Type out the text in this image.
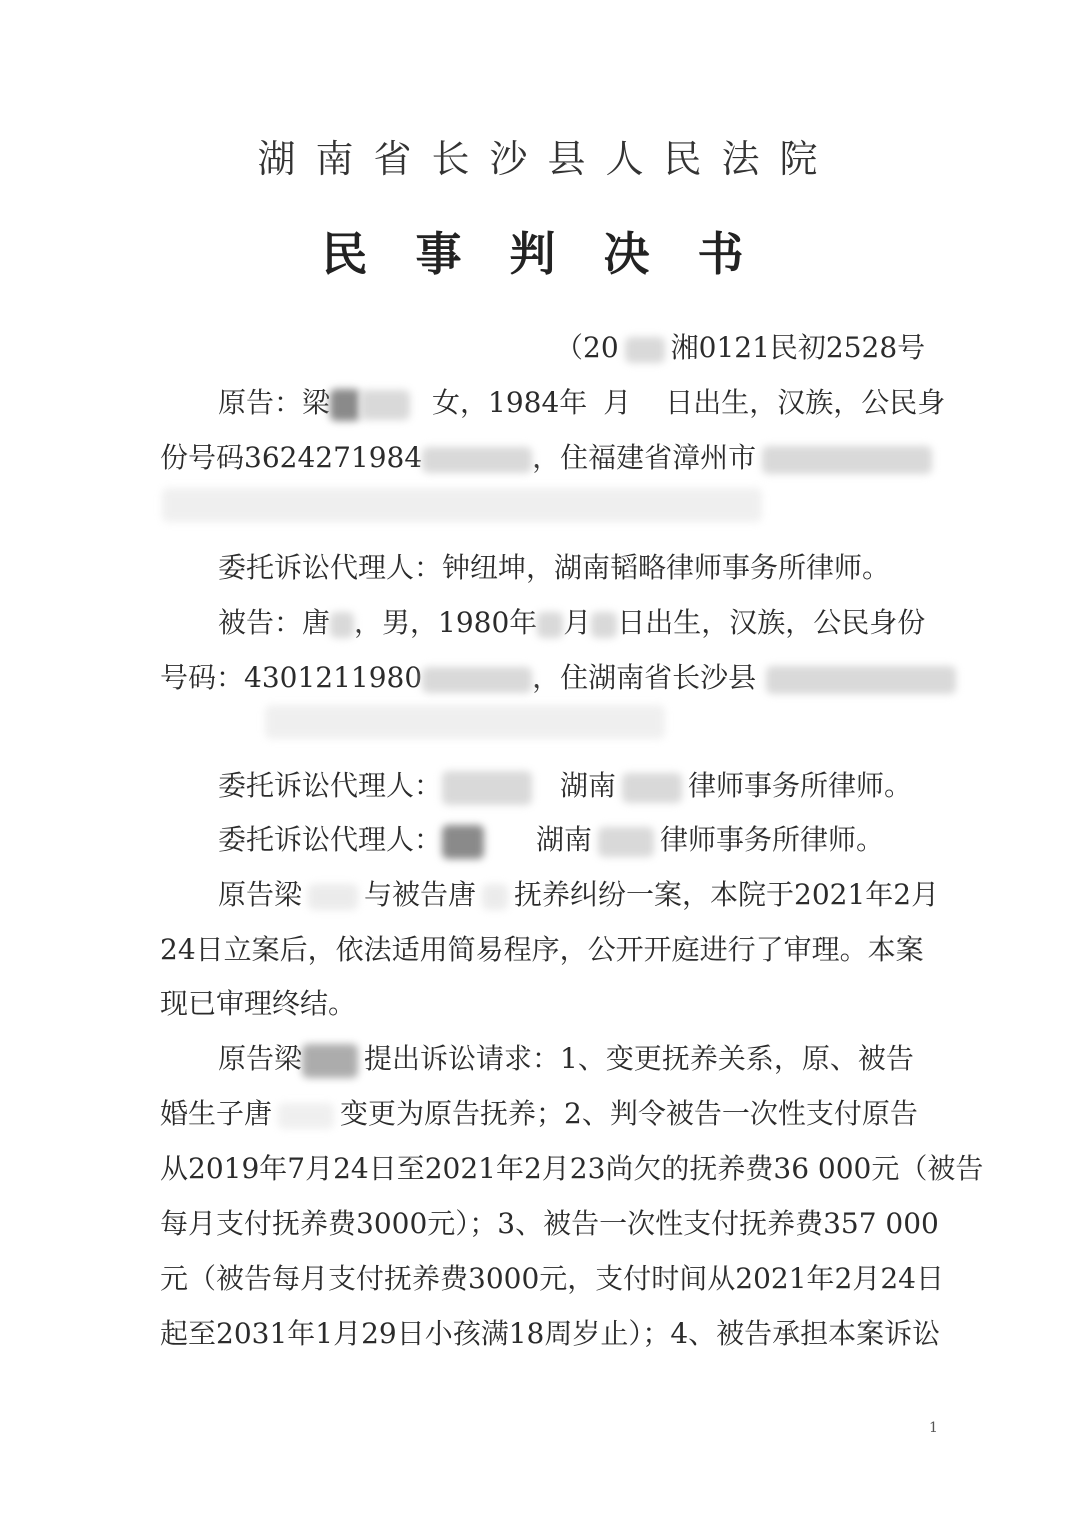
湖南省长沙县人民法院
民事判决书
（20 湘0121民初2528号
原告：梁	女，1984年 月 日出生，汉族，公民身
份号码3624271984	，住福建省漳州市
委托诉讼代理人：钟纽坤，湖南韬略律师事务所律师。
被告：唐 ，男，1980年 月 日出生，汉族，公民身份
号码：4301211980	，住湖南省长沙县
委托诉讼代理人：	湖南	律师事务所律师。
委托诉讼代理人：	湖南 律师事务所律师。
原告梁 与被告唐 抚养纠纷一案，本院于2021年2月
24日立案后，依法适用简易程序，公开开庭进行了审理。本案
现已审理终结。
原告梁 提出诉讼请求：1、变更抚养关系，原、被告
婚生子唐 变更为原告抚养；2、判令被告一次性支付原告
从2019年7月24日至2021年2月23尚欠的抚养费36 000元（被告
每月支付抚养费3000元）；3、被告一次性支付抚养费357 000
元（被告每月支付抚养费3000元，支付时间从2021年2月24日
起至2031年1月29日小孩满18周岁止）；4、被告承担本案诉讼
1
